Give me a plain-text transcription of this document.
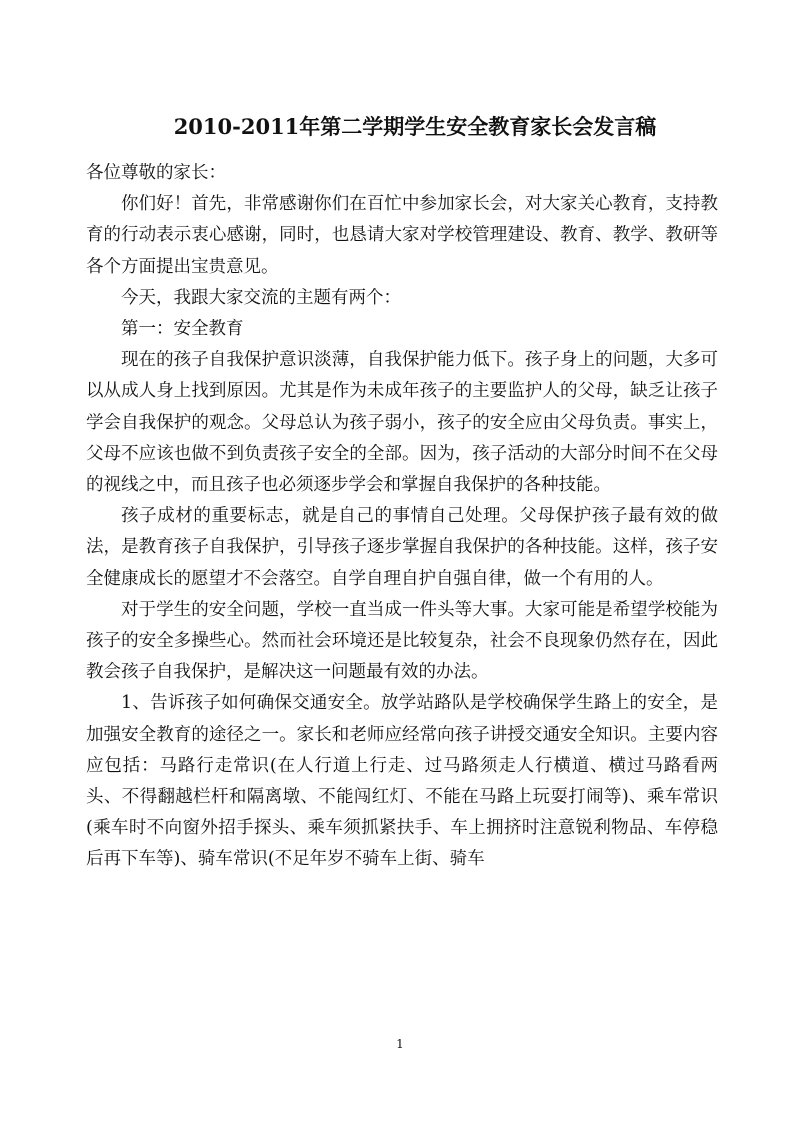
2010-2011年第二学期学生安全教育家长会发言稿

各位尊敬的家长：

你们好！首先，非常感谢你们在百忙中参加家长会，对大家关心教育，支持教育的行动表示衷心感谢，同时，也恳请大家对学校管理建设、教育、教学、教研等各个方面提出宝贵意见。

今天，我跟大家交流的主题有两个：

第一：安全教育

现在的孩子自我保护意识淡薄，自我保护能力低下。孩子身上的问题，大多可以从成人身上找到原因。尤其是作为未成年孩子的主要监护人的父母，缺乏让孩子学会自我保护的观念。父母总认为孩子弱小，孩子的安全应由父母负责。事实上，父母不应该也做不到负责孩子安全的全部。因为，孩子活动的大部分时间不在父母的视线之中，而且孩子也必须逐步学会和掌握自我保护的各种技能。

孩子成材的重要标志，就是自己的事情自己处理。父母保护孩子最有效的做法，是教育孩子自我保护，引导孩子逐步掌握自我保护的各种技能。这样，孩子安全健康成长的愿望才不会落空。自学自理自护自强自律，做一个有用的人。

对于学生的安全问题，学校一直当成一件头等大事。大家可能是希望学校能为孩子的安全多操些心。然而社会环境还是比较复杂，社会不良现象仍然存在，因此教会孩子自我保护，是解决这一问题最有效的办法。

1、告诉孩子如何确保交通安全。放学站路队是学校确保学生路上的安全，是加强安全教育的途径之一。家长和老师应经常向孩子讲授交通安全知识。主要内容应包括：马路行走常识(在人行道上行走、过马路须走人行横道、横过马路看两头、不得翻越栏杆和隔离墩、不能闯红灯、不能在马路上玩耍打闹等)、乘车常识(乘车时不向窗外招手探头、乘车须抓紧扶手、车上拥挤时注意锐利物品、车停稳后再下车等)、骑车常识(不足年岁不骑车上街、骑车

1
